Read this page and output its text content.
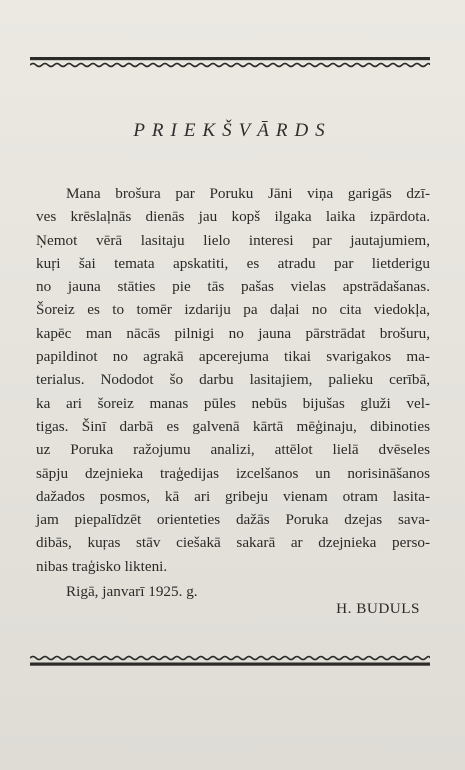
PRIEKŠVĀRDS
Mana brošura par Poruku Jāni viņa garigās dzī-
ves krēslaļnās dienās jau kopš ilgaka laika izpārdota.
Ņemot vērā lasitaju lielo interesi par jautajumiem,
kuŗi šai temata apskatiti, es atradu par lietderigu
no jauna stāties pie tās pašas vielas apstrādašanas.
Šoreiz es to tomēr izdariju pa daļai no cita viedokļa,
kapēc man nācās pilnigi no jauna pārstrādat brošuru,
papildinot no agrakā apcerejuma tikai svarigakos ma-
terialus. Nododot šo darbu lasitajiem, palieku cerībā,
ka ari šoreiz manas pūles nebūs bijušas gluži vel-
tigas. Šinī darbā es galvenā kārtā mēģinaju, dibinoties
uz Poruka ražojumu analizi, attēlot lielā dvēseles
sāpju dzejnieka traģedijas izcelšanos un norisināšanos
dažados posmos, kā ari gribeju vienam otram lasita-
jam piepalīdzēt orienteties dažās Poruka dzejas sava-
dibās, kuŗas stāv ciešakā sakarā ar dzejnieka perso-
nibas traģisko likteni.
Rigā, janvarī 1925. g.
H. BUDULS
